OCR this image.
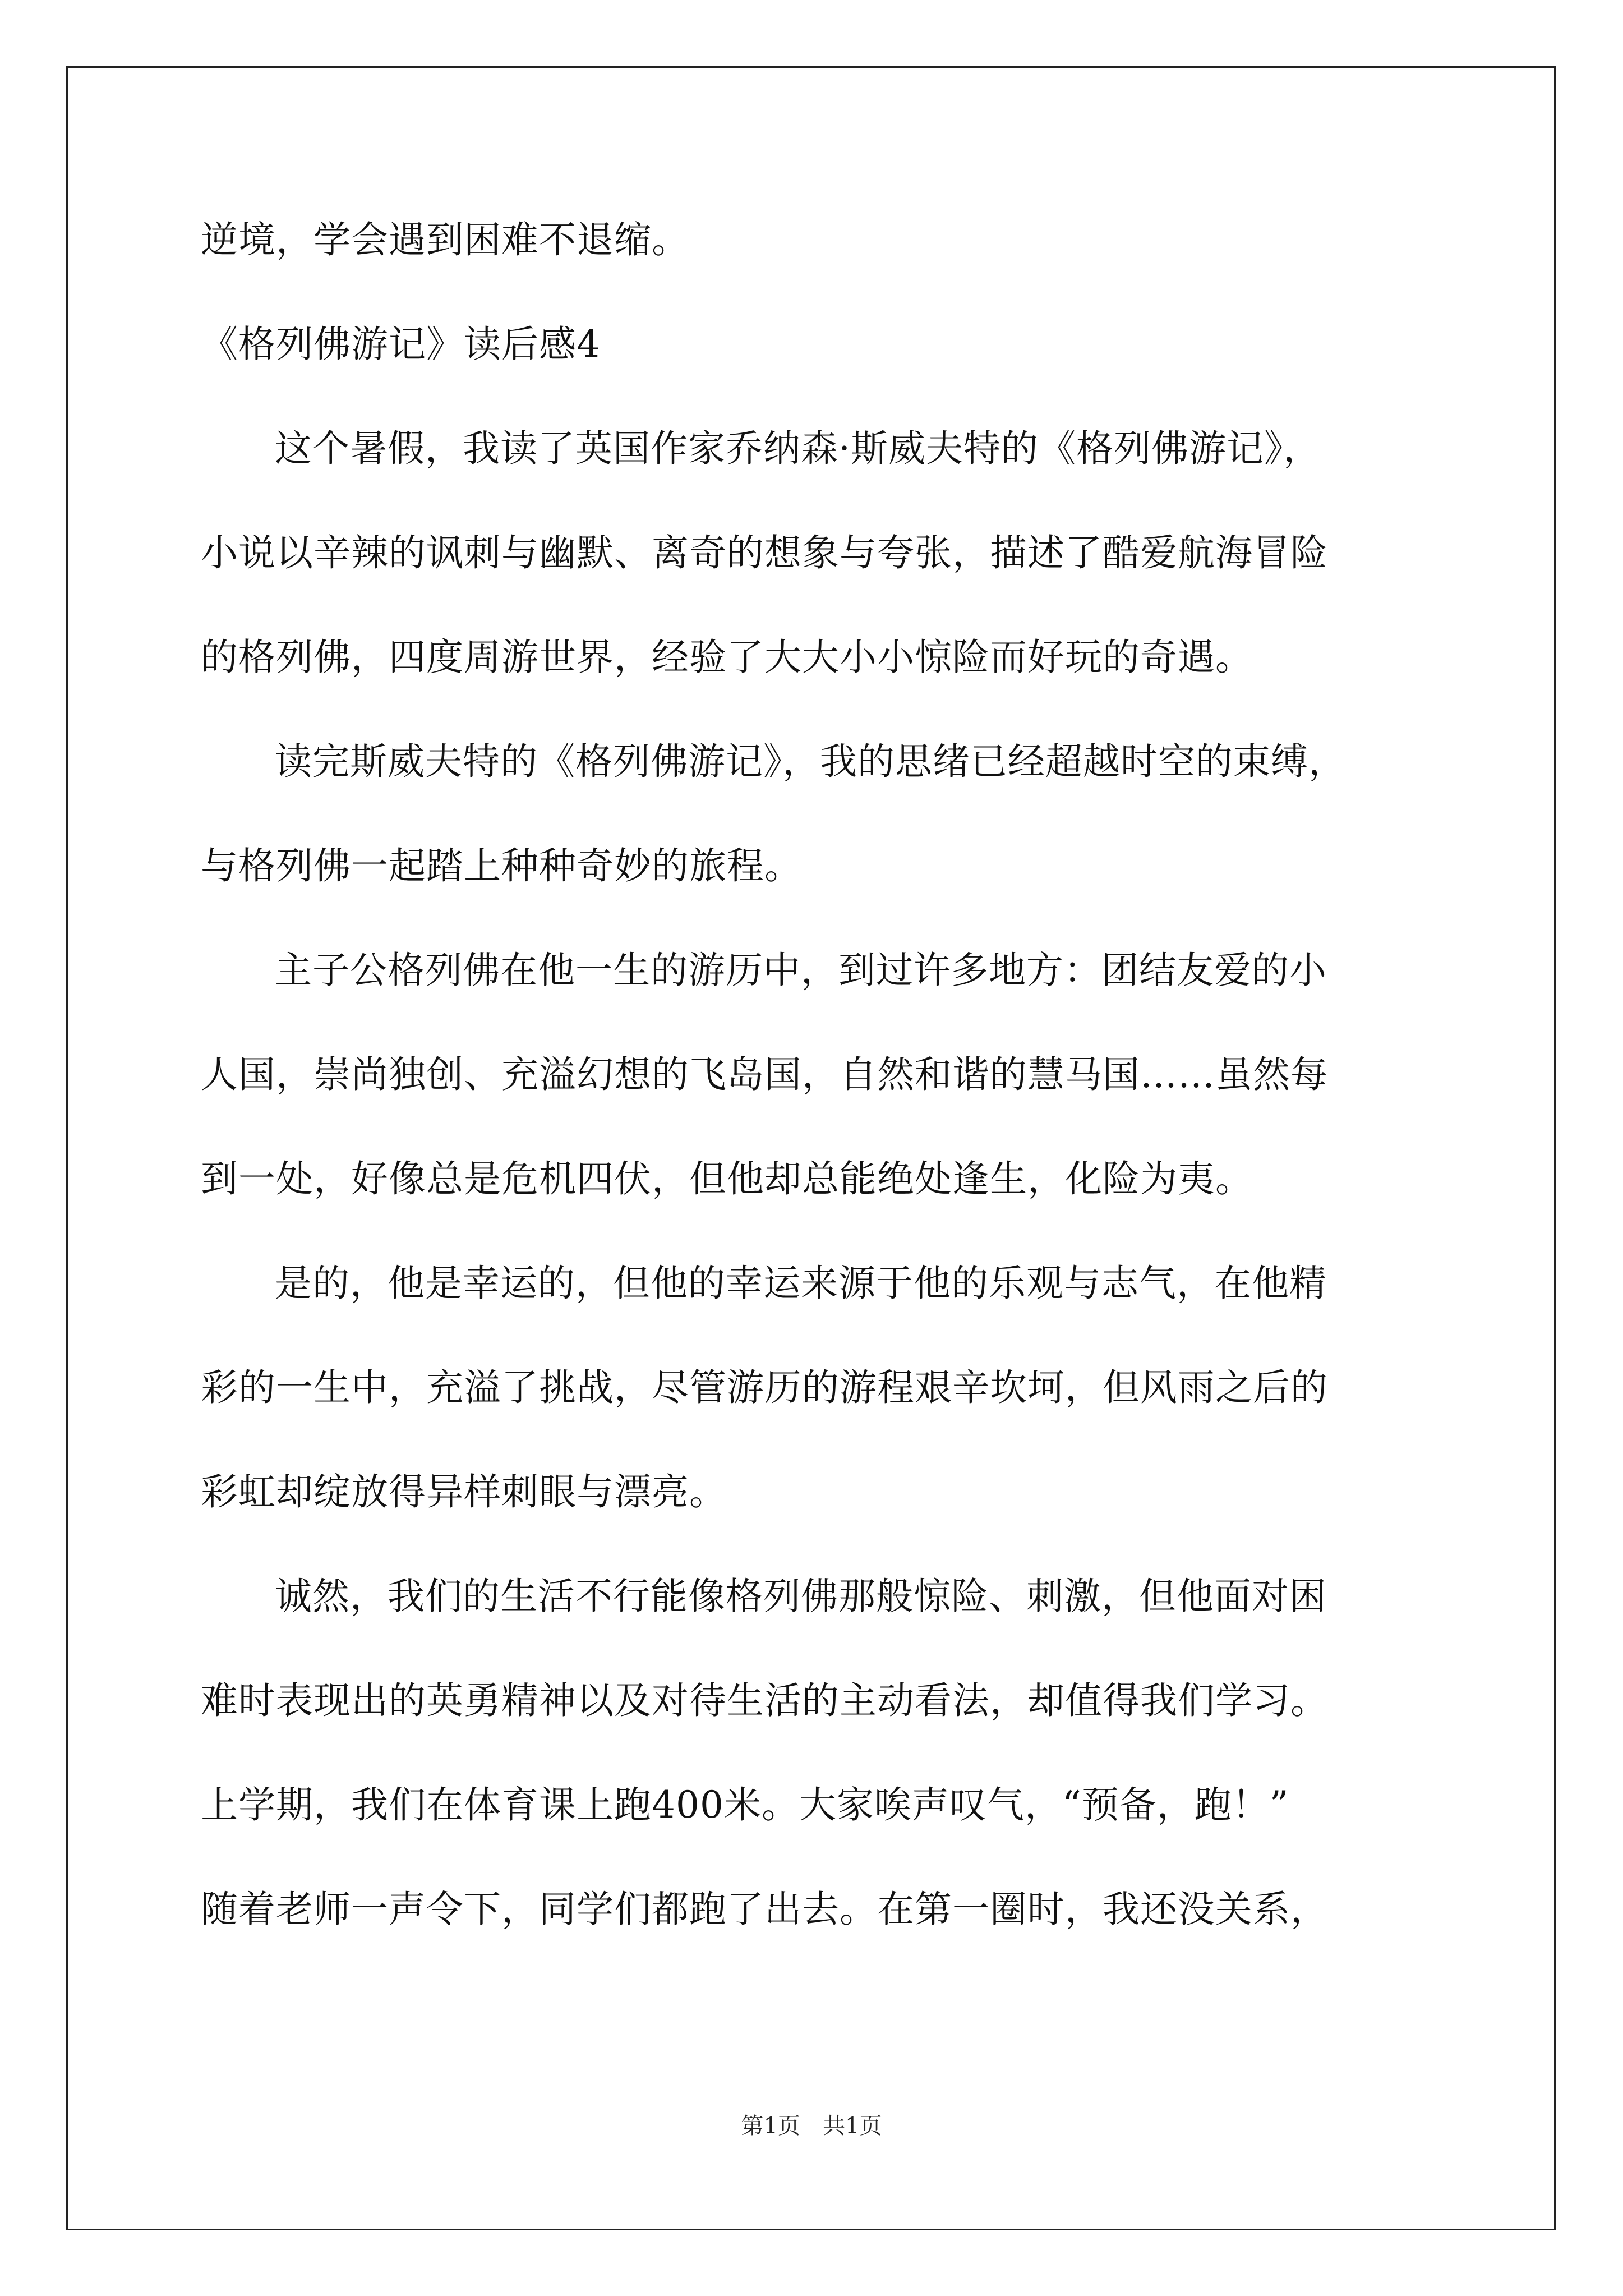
逆境，学会遇到困难不退缩。
《格列佛游记》读后感4
这个暑假，我读了英国作家乔纳森·斯威夫特的《格列佛游记》，
小说以辛辣的讽刺与幽默、离奇的想象与夸张，描述了酷爱航海冒险
的格列佛，四度周游世界，经验了大大小小惊险而好玩的奇遇。
读完斯威夫特的《格列佛游记》，我的思绪已经超越时空的束缚，
与格列佛一起踏上种种奇妙的旅程。
主子公格列佛在他一生的游历中，到过许多地方：团结友爱的小
人国，崇尚独创、充溢幻想的飞岛国，自然和谐的慧马国……虽然每
到一处，好像总是危机四伏，但他却总能绝处逢生，化险为夷。
是的，他是幸运的，但他的幸运来源于他的乐观与志气，在他精
彩的一生中，充溢了挑战，尽管游历的游程艰辛坎坷，但风雨之后的
彩虹却绽放得异样刺眼与漂亮。
诚然，我们的生活不行能像格列佛那般惊险、刺激，但他面对困
难时表现出的英勇精神以及对待生活的主动看法，却值得我们学习。
上学期，我们在体育课上跑400米。大家唉声叹气，“预备，跑！”
随着老师一声令下，同学们都跑了出去。在第一圈时，我还没关系，
第1页　共1页
